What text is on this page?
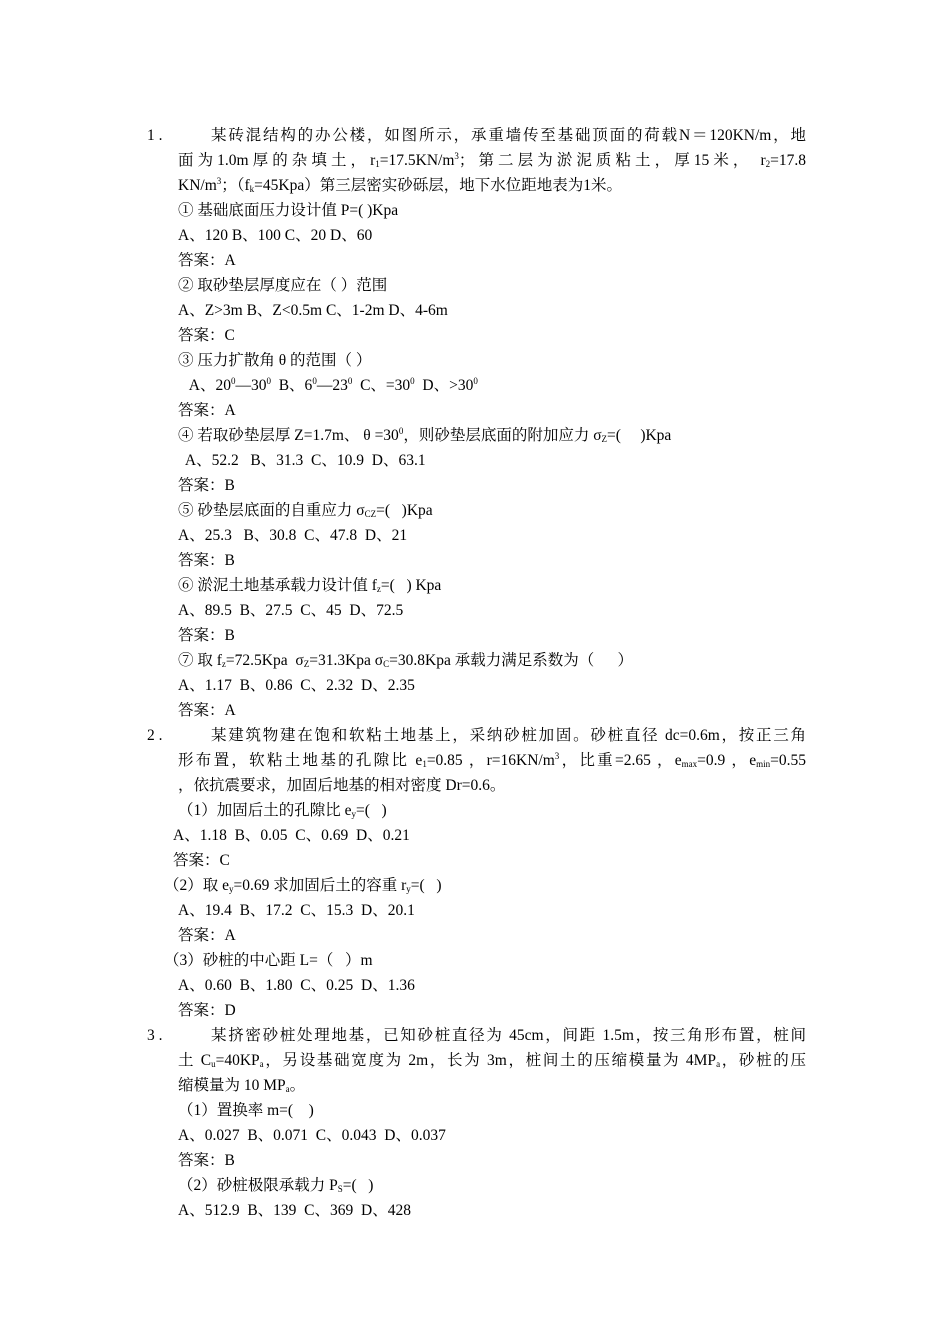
1 .	某砖混结构的办公楼，如图所示，承重墙传至基础顶面的荷载N＝120KN/m，地
面为1.0m厚的杂填土，$r_1=17.5KN/m^3$；第二层为淤泥质粘土，厚15米， $r_2=17.8$
$KN/m^3$；$(f_k=45Kpa)$第三层密实砂砾层，地下水位距地表为1米。
① 基础底面压力设计值 P=( )Kpa
A、120 B、100 C、20 D、60
答案：A
② 取砂垫层厚度应在（ ）范围
A、Z>3m B、Z<0.5m C、1-2m D、4-6m
答案：C
③ 压力扩散角 θ 的范围（ ）
A、$20^0—30^0$  B、$6^0—23^0$  C、$=30^0$  D、$>30^0$
答案：A
④ 若取砂垫层厚 Z=1.7m、 $\theta =30^0$，则砂垫层底面的附加应力 $\sigma_Z=$(     )Kpa
A、52.2   B、31.3  C、10.9  D、63.1
答案：B
⑤ 砂垫层底面的自重应力 $\sigma_{CZ}=$(   )Kpa
A、25.3   B、30.8  C、47.8  D、21
答案：B
⑥ 淤泥土地基承载力设计值 $f_z=$(   ) Kpa
A、89.5  B、27.5  C、45  D、72.5
答案：B
⑦ 取 $f_z=72.5Kpa$  $\sigma_Z=31.3Kpa$ $\sigma_C=30.8Kpa$ 承载力满足系数为（      ）
A、1.17  B、0.86  C、2.32  D、2.35
答案：A
2 .	某建筑物建在饱和软粘土地基上，采纳砂桩加固。砂桩直径 dc=0.6m，按正三角
形布置，软粘土地基的孔隙比 $e_1=0.85$ ，$r=16KN/m^3$，比重=2.65 ，$e_{max}=0.9$ ，$e_{min}=0.55$
，依抗震要求，加固后地基的相对密度 Dr=0.6。
（1）加固后土的孔隙比 $e_y=$(   )
A、1.18  B、0.05  C、0.69  D、0.21
答案：C
（2）取 $e_y=0.69$ 求加固后土的容重 $r_y=$(   )
A、19.4  B、17.2  C、15.3  D、20.1
答案：A
（3）砂桩的中心距 L=（   ）m
A、0.60  B、1.80  C、0.25  D、1.36
答案：D
3 .	某挤密砂桩处理地基，已知砂桩直径为 45cm，间距 1.5m，按三角形布置，桩间
土 $C_u=40KP_a$，另设基础宽度为 2m，长为 3m，桩间土的压缩模量为 $4MP_a$，砂桩的压
缩模量为 10 $MP_a$。
（1）置换率 m=(    )
A、0.027  B、0.071  C、0.043  D、0.037
答案：B
（2）砂桩极限承载力 $P_S=$(   )
A、512.9  B、139  C、369  D、428
